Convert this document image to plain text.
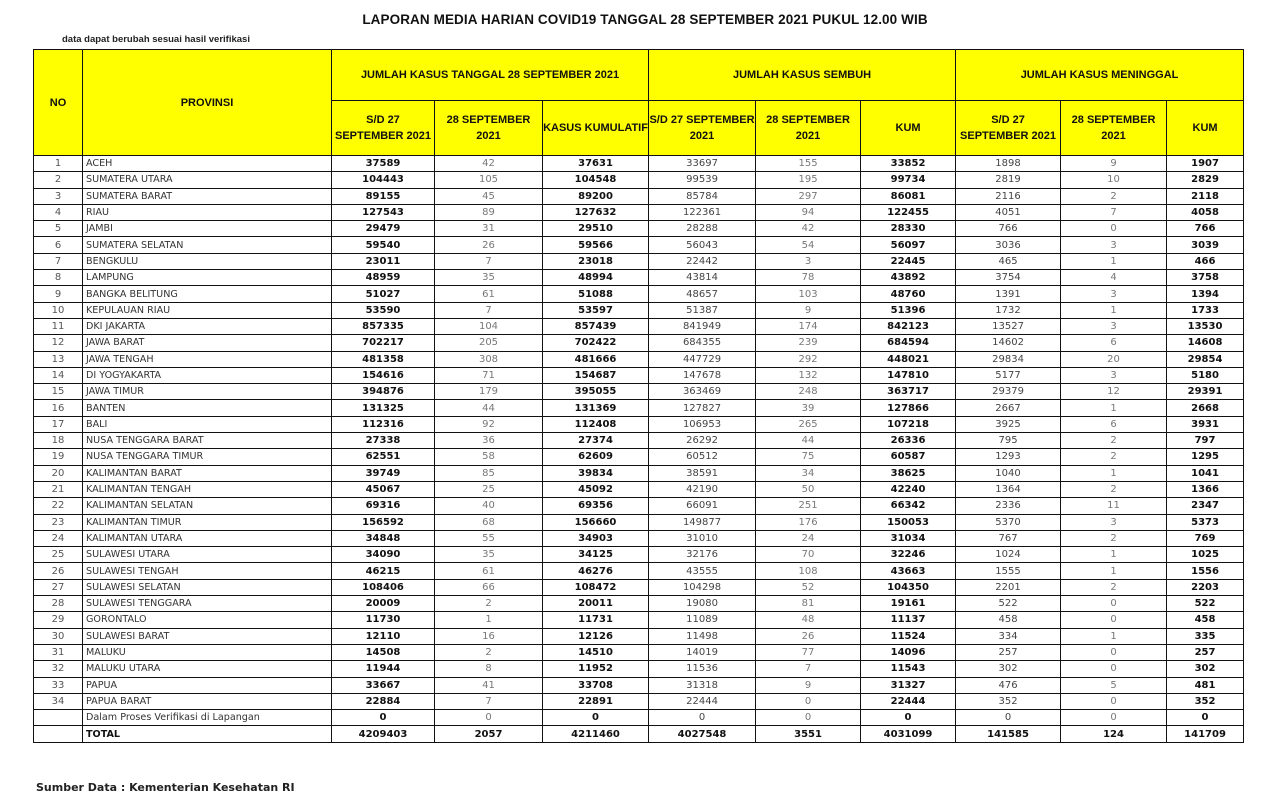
LAPORAN MEDIA HARIAN COVID19 TANGGAL 28 SEPTEMBER 2021 PUKUL 12.00 WIB
data dapat berubah sesuai hasil verifikasi
NO	PROVINSI	JUMLAH KASUS TANGGAL 28 SEPTEMBER 2021			JUMLAH KASUS SEMBUH			JUMLAH KASUS MENINGGAL		
		S/D 27 SEPTEMBER 2021	28 SEPTEMBER 2021	KASUS KUMULATIF	S/D 27 SEPTEMBER 2021	28 SEPTEMBER 2021	KUM	S/D 27 SEPTEMBER 2021	28 SEPTEMBER 2021	KUM
1	ACEH	37589	42	37631	33697	155	33852	1898	9	1907
2	SUMATERA UTARA	104443	105	104548	99539	195	99734	2819	10	2829
3	SUMATERA BARAT	89155	45	89200	85784	297	86081	2116	2	2118
4	RIAU	127543	89	127632	122361	94	122455	4051	7	4058
5	JAMBI	29479	31	29510	28288	42	28330	766	0	766
6	SUMATERA SELATAN	59540	26	59566	56043	54	56097	3036	3	3039
7	BENGKULU	23011	7	23018	22442	3	22445	465	1	466
8	LAMPUNG	48959	35	48994	43814	78	43892	3754	4	3758
9	BANGKA BELITUNG	51027	61	51088	48657	103	48760	1391	3	1394
10	KEPULAUAN RIAU	53590	7	53597	51387	9	51396	1732	1	1733
11	DKI JAKARTA	857335	104	857439	841949	174	842123	13527	3	13530
12	JAWA BARAT	702217	205	702422	684355	239	684594	14602	6	14608
13	JAWA TENGAH	481358	308	481666	447729	292	448021	29834	20	29854
14	DI YOGYAKARTA	154616	71	154687	147678	132	147810	5177	3	5180
15	JAWA TIMUR	394876	179	395055	363469	248	363717	29379	12	29391
16	BANTEN	131325	44	131369	127827	39	127866	2667	1	2668
17	BALI	112316	92	112408	106953	265	107218	3925	6	3931
18	NUSA TENGGARA BARAT	27338	36	27374	26292	44	26336	795	2	797
19	NUSA TENGGARA TIMUR	62551	58	62609	60512	75	60587	1293	2	1295
20	KALIMANTAN BARAT	39749	85	39834	38591	34	38625	1040	1	1041
21	KALIMANTAN TENGAH	45067	25	45092	42190	50	42240	1364	2	1366
22	KALIMANTAN SELATAN	69316	40	69356	66091	251	66342	2336	11	2347
23	KALIMANTAN TIMUR	156592	68	156660	149877	176	150053	5370	3	5373
24	KALIMANTAN UTARA	34848	55	34903	31010	24	31034	767	2	769
25	SULAWESI UTARA	34090	35	34125	32176	70	32246	1024	1	1025
26	SULAWESI TENGAH	46215	61	46276	43555	108	43663	1555	1	1556
27	SULAWESI SELATAN	108406	66	108472	104298	52	104350	2201	2	2203
28	SULAWESI TENGGARA	20009	2	20011	19080	81	19161	522	0	522
29	GORONTALO	11730	1	11731	11089	48	11137	458	0	458
30	SULAWESI BARAT	12110	16	12126	11498	26	11524	334	1	335
31	MALUKU	14508	2	14510	14019	77	14096	257	0	257
32	MALUKU UTARA	11944	8	11952	11536	7	11543	302	0	302
33	PAPUA	33667	41	33708	31318	9	31327	476	5	481
34	PAPUA BARAT	22884	7	22891	22444	0	22444	352	0	352
	Dalam Proses Verifikasi di Lapangan	0	0	0	0	0	0	0	0	0
	TOTAL	4209403	2057	4211460	4027548	3551	4031099	141585	124	141709
Sumber Data : Kementerian Kesehatan RI
